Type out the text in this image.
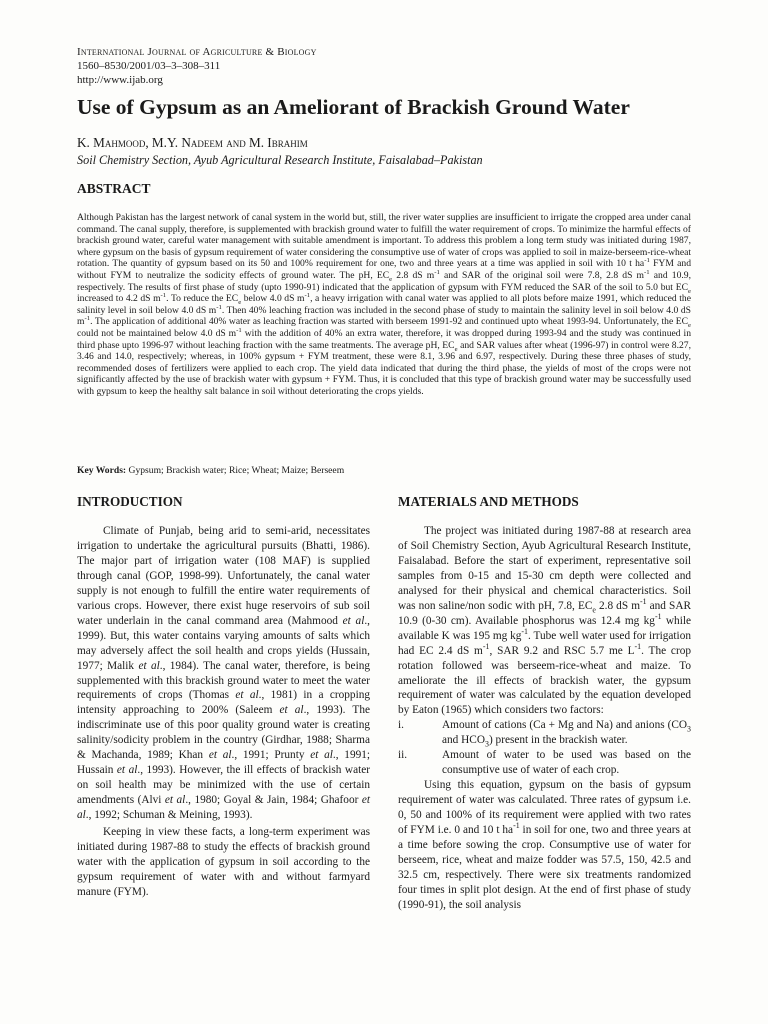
International Journal of Agriculture & Biology
1560–8530/2001/03–3–308–311
http://www.ijab.org
Use of Gypsum as an Ameliorant of Brackish Ground Water
K. Mahmood, M.Y. Nadeem and M. Ibrahim
Soil Chemistry Section, Ayub Agricultural Research Institute, Faisalabad–Pakistan
ABSTRACT

Although Pakistan has the largest network of canal system in the world but, still, the river water supplies are insufficient to irrigate the cropped area under canal command. The canal supply, therefore, is supplemented with brackish ground water to fulfill the water requirement of crops. To minimize the harmful effects of brackish ground water, careful water management with suitable amendment is important. To address this problem a long term study was initiated during 1987, where gypsum on the basis of gypsum requirement of water considering the consumptive use of water of crops was applied to soil in maize-berseem-rice-wheat rotation. The quantity of gypsum based on its 50 and 100% requirement for one, two and three years at a time was applied in soil with 10 t $ha^{-1}$ FYM and without FYM to neutralize the sodicity effects of ground water. The pH, $EC_e$ 2.8 dS $m^{-1}$ and SAR of the original soil were 7.8, 2.8 dS $m^{-1}$ and 10.9, respectively. The results of first phase of study (upto 1990-91) indicated that the application of gypsum with FYM reduced the SAR of the soil to 5.0 but $EC_e$ increased to 4.2 dS $m^{-1}$. To reduce the $EC_e$ below 4.0 dS $m^{-1}$, a heavy irrigation with canal water was applied to all plots before maize 1991, which reduced the salinity level in soil below 4.0 dS $m^{-1}$. Then 40% leaching fraction was included in the second phase of study to maintain the salinity level in soil below 4.0 dS $m^{-1}$. The application of additional 40% water as leaching fraction was started with berseem 1991-92 and continued upto wheat 1993-94. Unfortunately, the $EC_e$ could not be maintained below 4.0 dS $m^{-1}$ with the addition of 40% an extra water, therefore, it was dropped during 1993-94 and the study was continued in third phase upto 1996-97 without leaching fraction with the same treatments. The average pH, $EC_e$ and SAR values after wheat (1996-97) in control were 8.27, 3.46 and 14.0, respectively; whereas, in 100% gypsum + FYM treatment, these were 8.1, 3.96 and 6.97, respectively. During these three phases of study, recommended doses of fertilizers were applied to each crop. The yield data indicated that during the third phase, the yields of most of the crops were not significantly affected by the use of brackish water with gypsum + FYM. Thus, it is concluded that this type of brackish ground water may be successfully used with gypsum to keep the healthy salt balance in soil without deteriorating the crops yields.

Key Words: Gypsum; Brackish water; Rice; Wheat; Maize; Berseem

INTRODUCTION

Climate of Punjab, being arid to semi-arid, necessitates irrigation to undertake the agricultural pursuits (Bhatti, 1986). The major part of irrigation water (108 MAF) is supplied through canal (GOP, 1998-99). Unfortunately, the canal water supply is not enough to fulfill the entire water requirements of various crops. However, there exist huge reservoirs of sub soil water underlain in the canal command area (Mahmood et al., 1999). But, this water contains varying amounts of salts which may adversely affect the soil health and crops yields (Hussain, 1977; Malik et al., 1984). The canal water, therefore, is being supplemented with this brackish ground water to meet the water requirements of crops (Thomas et al., 1981) in a cropping intensity approaching to 200% (Saleem et al., 1993). The indiscriminate use of this poor quality ground water is creating salinity/sodicity problem in the country (Girdhar, 1988; Sharma & Machanda, 1989; Khan et al., 1991; Prunty et al., 1991; Hussain et al., 1993). However, the ill effects of brackish water on soil health may be minimized with the use of certain amendments (Alvi et al., 1980; Goyal & Jain, 1984; Ghafoor et al., 1992; Schuman & Meining, 1993).

Keeping in view these facts, a long-term experiment was initiated during 1987-88 to study the effects of brackish ground water with the application of gypsum in soil according to the gypsum requirement of water with and without farmyard manure (FYM).

MATERIALS AND METHODS

The project was initiated during 1987-88 at research area of Soil Chemistry Section, Ayub Agricultural Research Institute, Faisalabad. Before the start of experiment, representative soil samples from 0-15 and 15-30 cm depth were collected and analysed for their physical and chemical characteristics. Soil was non saline/non sodic with pH, 7.8, $EC_e$ 2.8 dS $m^{-1}$ and SAR 10.9 (0-30 cm). Available phosphorus was 12.4 mg $kg^{-1}$ while available K was 195 mg $kg^{-1}$. Tube well water used for irrigation had EC 2.4 dS $m^{-1}$, SAR 9.2 and RSC 5.7 me $L^{-1}$. The crop rotation followed was berseem-rice-wheat and maize. To ameliorate the ill effects of brackish water, the gypsum requirement of water was calculated by the equation developed by Eaton (1965) which considers two factors:

i.	Amount of cations (Ca + Mg and Na) and anions ($CO_3$ and $HCO_3$) present in the brackish water.
ii.	Amount of water to be used was based on the consumptive use of water of each crop.

Using this equation, gypsum on the basis of gypsum requirement of water was calculated. Three rates of gypsum i.e. 0, 50 and 100% of its requirement were applied with two rates of FYM i.e. 0 and 10 t $ha^{-1}$ in soil for one, two and three years at a time before sowing the crop. Consumptive use of water for berseem, rice, wheat and maize fodder was 57.5, 150, 42.5 and 32.5 cm, respectively. There were six treatments randomized four times in split plot design. At the end of first phase of study (1990-91), the soil analysis
